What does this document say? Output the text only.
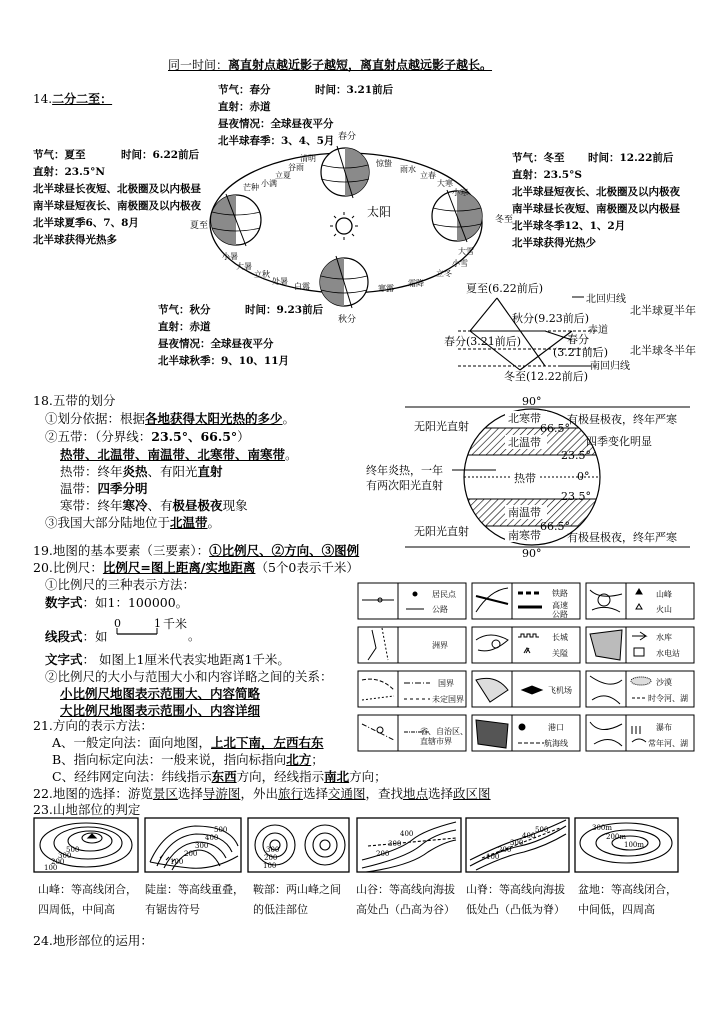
同一时间：离直射点越近影子越短，离直射点越远影子越长。
14.二分二至：
节气：春分	时间：3.21前后
直射：赤道
昼夜情况：全球昼夜平分
北半球春季：3、4、5月
节气：夏至	时间：6.22前后
直射：23.5°N
北半球昼长夜短、北极圈及以内极昼
南半球昼短夜长、南极圈及以内极夜
北半球夏季6、7、8月
北半球获得光热多
节气：冬至 时间：12.22前后
直射：23.5°S
北半球昼短夜长、北极圈及以内极夜
南半球昼长夜短、南极圈及以内极昼
北半球冬季12、1、2月
北半球获得光热少
节气：秋分	时间：9.23前后
直射：赤道
昼夜情况：全球昼夜平分
北半球秋季：9、10、11月
太阳
春分
夏至
秋分
冬至
清明
谷雨
立夏
小满
芒种
惊蛰
雨水
立春
大寒
小寒
小暑
大暑
立秋
处暑
白露	寒露
霜降
立冬
小雪
大雪
夏至(6.22前后)
秋分(9.23前后)
春分(3.21前后)	春分
(3.21前后)
冬至(12.22前后)
北回归线
赤道
南回归线
北半球夏半年
北半球冬半年
18.五带的划分
①划分依据：根据各地获得太阳光热的多少。
②五带：（分界线：23.5°、66.5°）
热带、北温带、南温带、北寒带、南寒带。
热带：终年炎热、有阳光直射
温带：四季分明
寒带：终年寒冷、有极昼极夜现象
③我国大部分陆地位于北温带。
北寒带
北温带
热带
南温带
南寒带
90°
90°
66.5°
23.5°
0°
23.5°
66.5°
有极昼极夜，终年严寒
四季变化明显
有极昼极夜，终年严寒
无阳光直射
终年炎热，一年
有两次阳光直射
无阳光直射
19.地图的基本要素（三要素）：①比例尺、②方向、③图例
20.比例尺：比例尺=图上距离/实地距离（5个0表示千米）
①比例尺的三种表示方法：
数字式：如1：100000。
线段式：如
0	1 千米
。
文字式： 如图上1厘米代表实地距离1千米。
②比例尺的大小与范围大小和内容详略之间的关系：
小比例尺地图表示范围大、内容简略
大比例尺地图表示范围小、内容详细
居民点
公路
铁路
高速
公路
山峰
火山
洲界
长城
关隘
水库
水电站
国界
未定国界
飞机场
沙漠
时令河、湖
省、自治区、
直辖市界
港口
航海线
瀑布
常年河、湖
21.方向的表示方法：
A、一般定向法：面向地图，上北下南，左西右东
B、指向标定向法：一般来说，指向标指向北方；
C、经纬网定向法：纬线指示东西方向，经线指示南北方向；
22.地图的选择：游览景区选择导游图，外出旅行选择交通图，查找地点选择政区图
23.山地部位的判定
500
300
200
100
500
400
300
200
100
300
200
100
400
300
200
500
400
300
200
100
300m
200m
100m
山峰：等高线闭合，
四周低，中间高
陡崖：等高线重叠，
有锯齿符号
鞍部：两山峰之间
的低洼部位
山谷：等高线向海拔
高处凸（凸高为谷）
山脊：等高线向海拔
低处凸（凸低为脊）
盆地：等高线闭合，
中间低，四周高
24.地形部位的运用：
